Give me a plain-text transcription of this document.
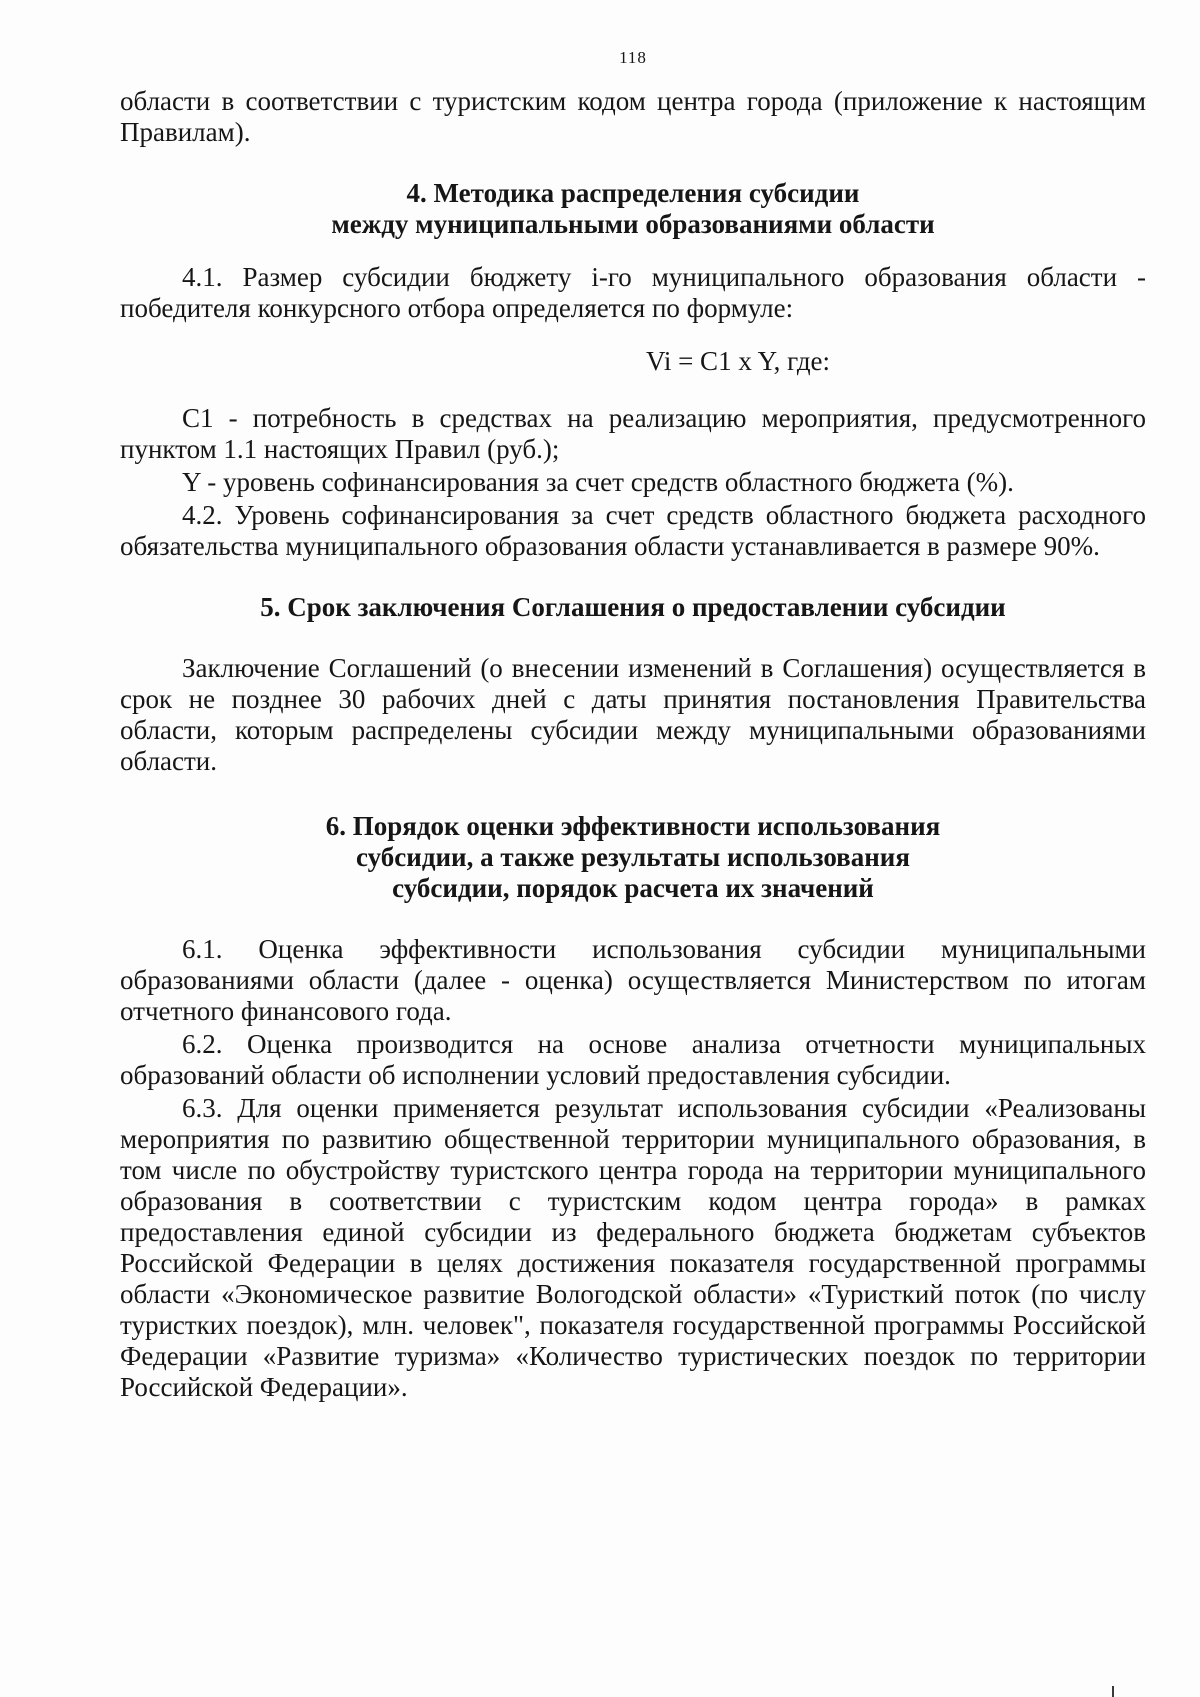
118

области в соответствии с туристским кодом центра города (приложение к настоящим Правилам).

4. Методика распределения субсидии
между муниципальными образованиями области

4.1. Размер субсидии бюджету i-го муниципального образования области - победителя конкурсного отбора определяется по формуле:

Vi = C1 x Y, где:

C1 - потребность в средствах на реализацию мероприятия, предусмотренного пунктом 1.1 настоящих Правил (руб.);

Y - уровень софинансирования за счет средств областного бюджета (%).

4.2. Уровень софинансирования за счет средств областного бюджета расходного обязательства муниципального образования области устанавливается в размере 90%.

5. Срок заключения Соглашения о предоставлении субсидии

Заключение Соглашений (о внесении изменений в Соглашения) осуществляется в срок не позднее 30 рабочих дней с даты принятия постановления Правительства области, которым распределены субсидии между муниципальными образованиями области.

6. Порядок оценки эффективности использования
субсидии, а также результаты использования
субсидии, порядок расчета их значений

6.1. Оценка эффективности использования субсидии муниципальными образованиями области (далее - оценка) осуществляется Министерством по итогам отчетного финансового года.

6.2. Оценка производится на основе анализа отчетности муниципальных образований области об исполнении условий предоставления субсидии.

6.3. Для оценки применяется результат использования субсидии «Реализованы мероприятия по развитию общественной территории муниципального образования, в том числе по обустройству туристского центра города на территории муниципального образования в соответствии с туристским кодом центра города» в рамках предоставления единой субсидии из федерального бюджета бюджетам субъектов Российской Федерации в целях достижения показателя государственной программы области «Экономическое развитие Вологодской области» «Туристкий поток (по числу туристких поездок), млн. человек", показателя государственной программы Российской Федерации «Развитие туризма» «Количество туристических поездок по территории Российской Федерации».
